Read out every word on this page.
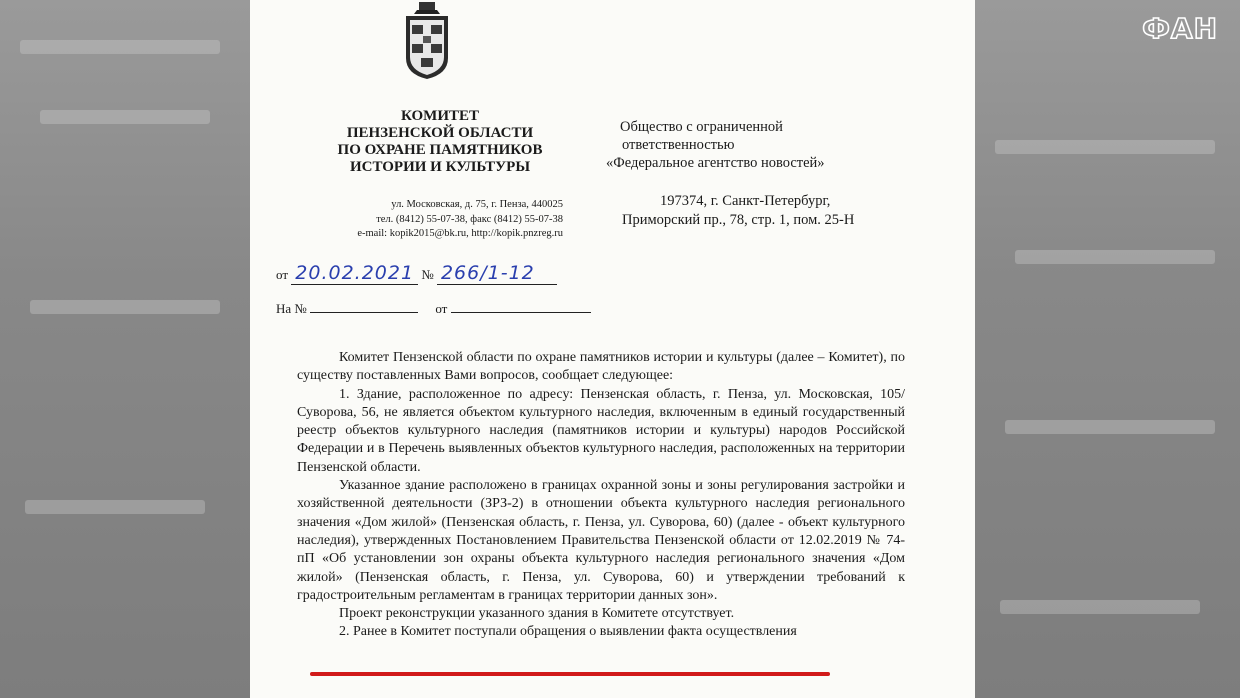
ФАН
КОМИТЕТ
ПЕНЗЕНСКОЙ ОБЛАСТИ
ПО ОХРАНЕ ПАМЯТНИКОВ
ИСТОРИИ И КУЛЬТУРЫ
ул. Московская, д. 75, г. Пенза, 440025
тел. (8412) 55-07-38, факс (8412) 55-07-38
e-mail: kopik2015@bk.ru, http://kopik.pnzreg.ru
Общество с ограниченной
ответственностью
«Федеральное агентство новостей»
197374, г. Санкт-Петербург,
Приморский пр., 78, стр. 1, пом. 25-Н
от 20.02.2021 № 266/1-12
На №	от

Комитет Пензенской области по охране памятников истории и культуры (далее – Комитет), по существу поставленных Вами вопросов, сообщает следующее:

1. Здание, расположенное по адресу: Пензенская область, г. Пенза, ул. Московская, 105/Суворова, 56, не является объектом культурного наследия, включенным в единый государственный реестр объектов культурного наследия (памятников истории и культуры) народов Российской Федерации и в Перечень выявленных объектов культурного наследия, расположенных на территории Пензенской области.

Указанное здание расположено в границах охранной зоны и зоны регулирования застройки и хозяйственной деятельности (ЗРЗ-2) в отношении объекта культурного наследия регионального значения «Дом жилой» (Пензенская область, г. Пенза, ул. Суворова, 60) (далее - объект культурного наследия), утвержденных Постановлением Правительства Пензенской области от 12.02.2019 № 74-пП «Об установлении зон охраны объекта культурного наследия регионального значения «Дом жилой» (Пензенская область, г. Пенза, ул. Суворова, 60) и утверждении требований к градостроительным регламентам в границах территории данных зон».

Проект реконструкции указанного здания в Комитете отсутствует.

2. Ранее в Комитет поступали обращения о выявлении факта осуществления
